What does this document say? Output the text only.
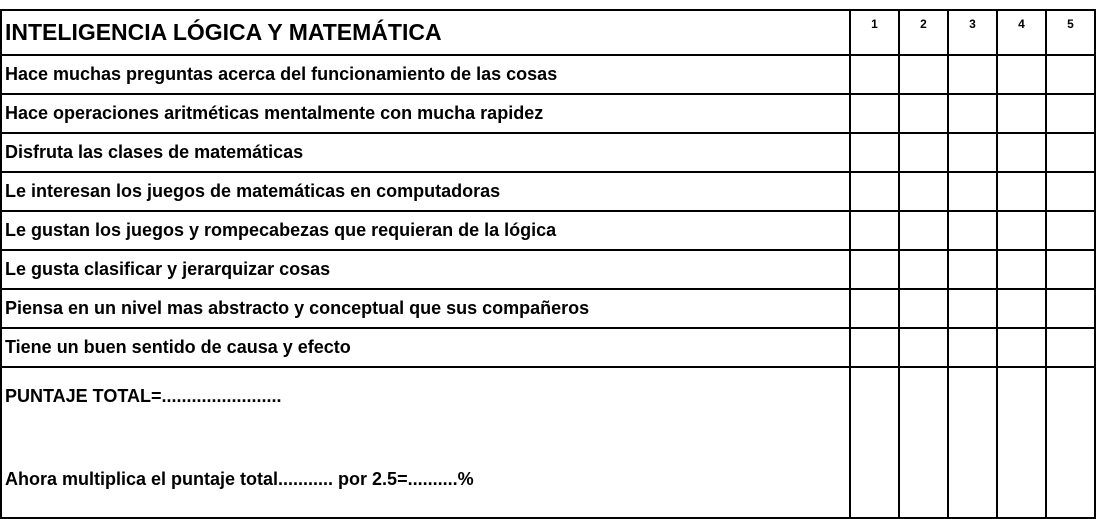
INTELIGENCIA LÓGICA Y MATEMÁTICA	1	2	3	4	5
Hace muchas preguntas acerca del funcionamiento de las cosas					
Hace operaciones aritméticas mentalmente con mucha rapidez					
Disfruta las clases de matemáticas					
Le interesan los juegos de matemáticas en computadoras					
Le gustan los juegos y rompecabezas que requieran de la lógica					
Le gusta clasificar y jerarquizar cosas					
Piensa en un nivel mas abstracto y conceptual que sus compañeros					
Tiene un buen sentido de causa y efecto					

PUNTAJE TOTAL=........................
Ahora multiplica el puntaje total........... por 2.5=..........%					
